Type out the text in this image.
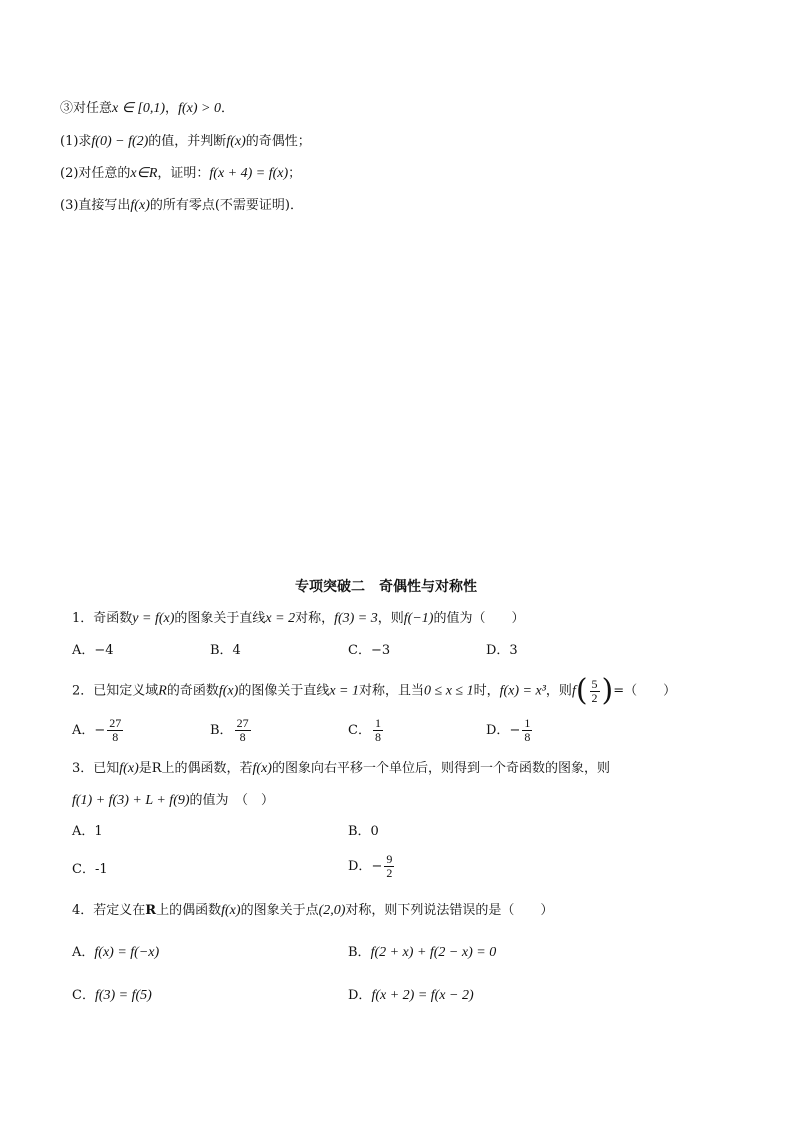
③对任意x ∈ [0,1)，f(x) > 0．
(1)求f(0) − f(2)的值，并判断f(x)的奇偶性；
(2)对任意的x∈R，证明：f(x + 4) = f(x)；
(3)直接写出f(x)的所有零点(不需要证明)．
专项突破二　奇偶性与对称性
1．奇函数y = f(x)的图象关于直线x = 2对称，f(3) = 3，则f(−1)的值为（　　）
A．−4	B．4	C．−3	D．3
2．已知定义域R的奇函数f(x)的图像关于直线x = 1对称，且当0 ≤ x ≤ 1时，f(x) = x³，则$f( \frac{5}{2}$ )=（　　）
A．− $\frac{27}{8}$	B． $\frac{27}{8}$	C． $\frac{1}{8}$	D．− $\frac{1}{8}$
3．已知f(x)是R上的偶函数，若f(x)的图象向右平移一个单位后，则得到一个奇函数的图象，则
f(1) + f(3) + L + f(9)的值为　（　）
A．1	B．0
C．-1	D．− $\frac{9}{2}$
4．若定义在R上的偶函数f(x)的图象关于点(2,0)对称，则下列说法错误的是（　　）
A．f(x) = f(−x)	B．f(2 + x) + f(2 − x) = 0
C．f(3) = f(5)	D．f(x + 2) = f(x − 2)
